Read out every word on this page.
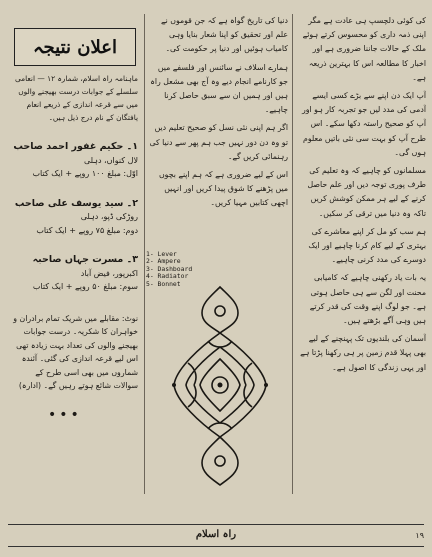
کی کوئی دلچسپ ہی عادت ہے مگر اپنی ذمہ داری کو محسوس کرتے ہوئے ملک کے حالات جاننا ضروری ہے اور اخبار کا مطالعہ اس کا بہترین ذریعہ ہے۔

آپ ایک دن اپنے سے بڑے کسی ایسے آدمی کی مدد لیں جو تجربہ کار ہو اور آپ کو صحیح راستہ دکھا سکے۔ اس طرح آپ کو بہت سی نئی باتیں معلوم ہوں گی۔

مسلمانوں کو چاہیے کہ وہ تعلیم کی طرف پوری توجہ دیں اور علم حاصل کرنے کے لیے ہر ممکن کوشش کریں تاکہ وہ دنیا میں ترقی کر سکیں۔

ہم سب کو مل کر اپنے معاشرے کی بہتری کے لیے کام کرنا چاہیے اور ایک دوسرے کی مدد کرنی چاہیے۔

یہ بات یاد رکھنی چاہیے کہ کامیابی محنت اور لگن سے ہی حاصل ہوتی ہے۔ جو لوگ اپنے وقت کی قدر کرتے ہیں وہی آگے بڑھتے ہیں۔

آسمان کی بلندیوں تک پہنچنے کے لیے بھی پہلا قدم زمین پر ہی رکھنا پڑتا ہے اور یہی زندگی کا اصول ہے۔

دنیا کی تاریخ گواہ ہے کہ جن قوموں نے علم اور تحقیق کو اپنا شعار بنایا وہی کامیاب ہوئیں اور دنیا پر حکومت کی۔

ہمارے اسلاف نے سائنس اور فلسفے میں جو کارنامے انجام دیے وہ آج بھی مشعل راہ ہیں اور ہمیں ان سے سبق حاصل کرنا چاہیے۔

اگر ہم اپنی نئی نسل کو صحیح تعلیم دیں تو وہ دن دور نہیں جب ہم پھر سے دنیا کی رہنمائی کریں گے۔

اس کے لیے ضروری ہے کہ ہم اپنے بچوں میں پڑھنے کا شوق پیدا کریں اور انہیں اچھی کتابیں مہیا کریں۔

1- Lever
2- Ampere
3- Dashboard
4- Radiator
5- Bonnet
اعلان نتیجہ
ماہنامہ راہ اسلام، شمارہ ۱۲ — انعامی سلسلے کے جوابات درست بھیجنے والوں میں سے قرعہ اندازی کے ذریعے انعام یافتگان کے نام درج ذیل ہیں۔
۱۔ حکیم غفور احمد صاحب
لال کنواں، دہلی
اوّل: مبلغ ۱۰۰ روپے + ایک کتاب
۲۔ سید یوسف علی صاحب
روڑکی ڈپو، دہلی
دوم: مبلغ ۷۵ روپے + ایک کتاب
۳۔ مسرت جہاں صاحبہ
اکبرپور، فیض آباد
سوم: مبلغ ۵۰ روپے + ایک کتاب
نوٹ: مقابلے میں شریک تمام برادران و خواہران کا شکریہ۔ درست جوابات بھیجنے والوں کی تعداد بہت زیادہ تھی اس لیے قرعہ اندازی کی گئی۔ آئندہ شماروں میں بھی اسی طرح کے سوالات شائع ہوتے رہیں گے۔ (ادارہ)
•••
راہ اسلام	۱۹
